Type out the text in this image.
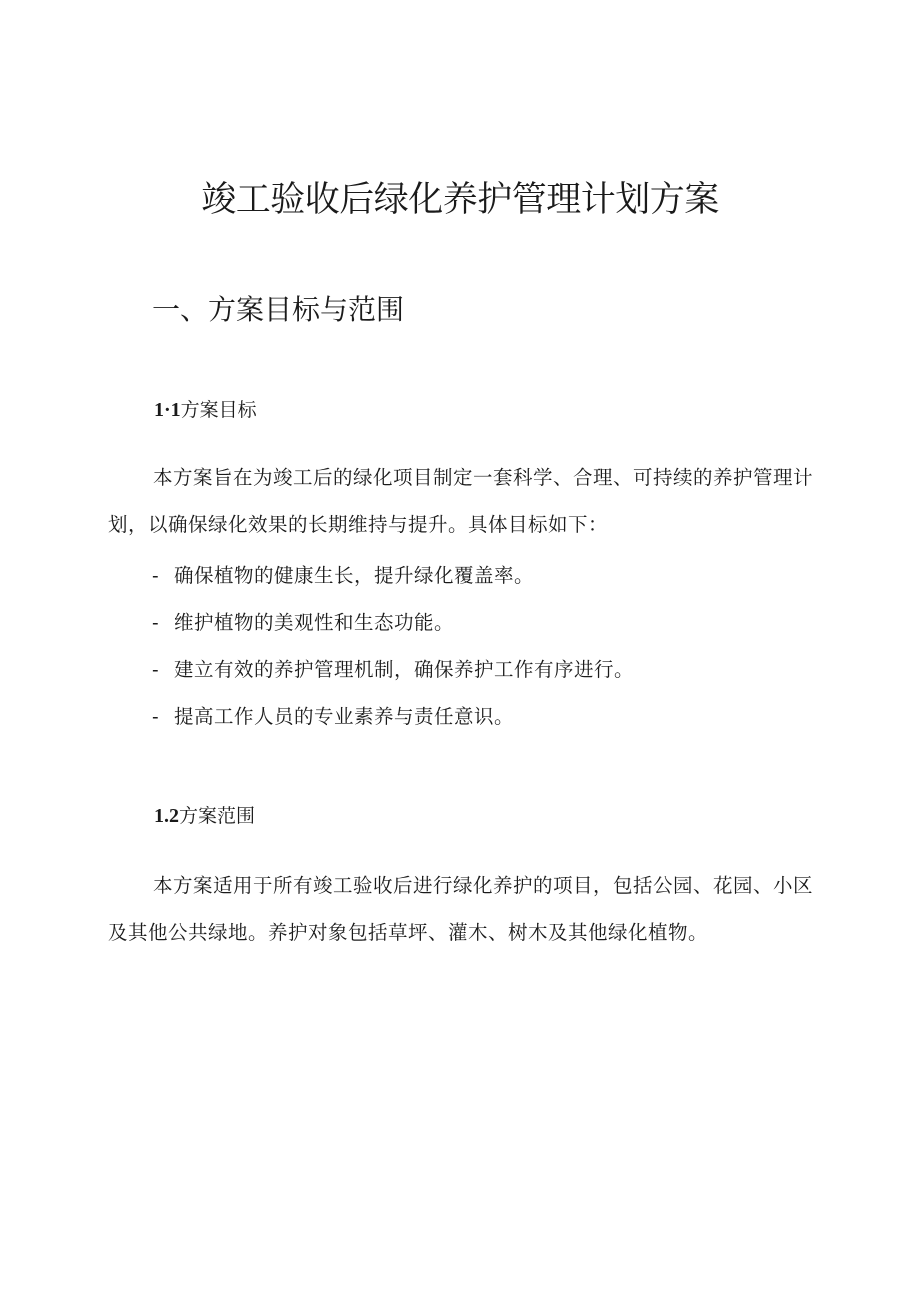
竣工验收后绿化养护管理计划方案
一、方案目标与范围
1·1方案目标

本方案旨在为竣工后的绿化项目制定一套科学、合理、可持续的养护管理计划，以确保绿化效果的长期维持与提升。具体目标如下：

- 确保植物的健康生长，提升绿化覆盖率。
- 维护植物的美观性和生态功能。
- 建立有效的养护管理机制，确保养护工作有序进行。
- 提高工作人员的专业素养与责任意识。
1.2方案范围

本方案适用于所有竣工验收后进行绿化养护的项目，包括公园、花园、小区及其他公共绿地。养护对象包括草坪、灌木、树木及其他绿化植物。
